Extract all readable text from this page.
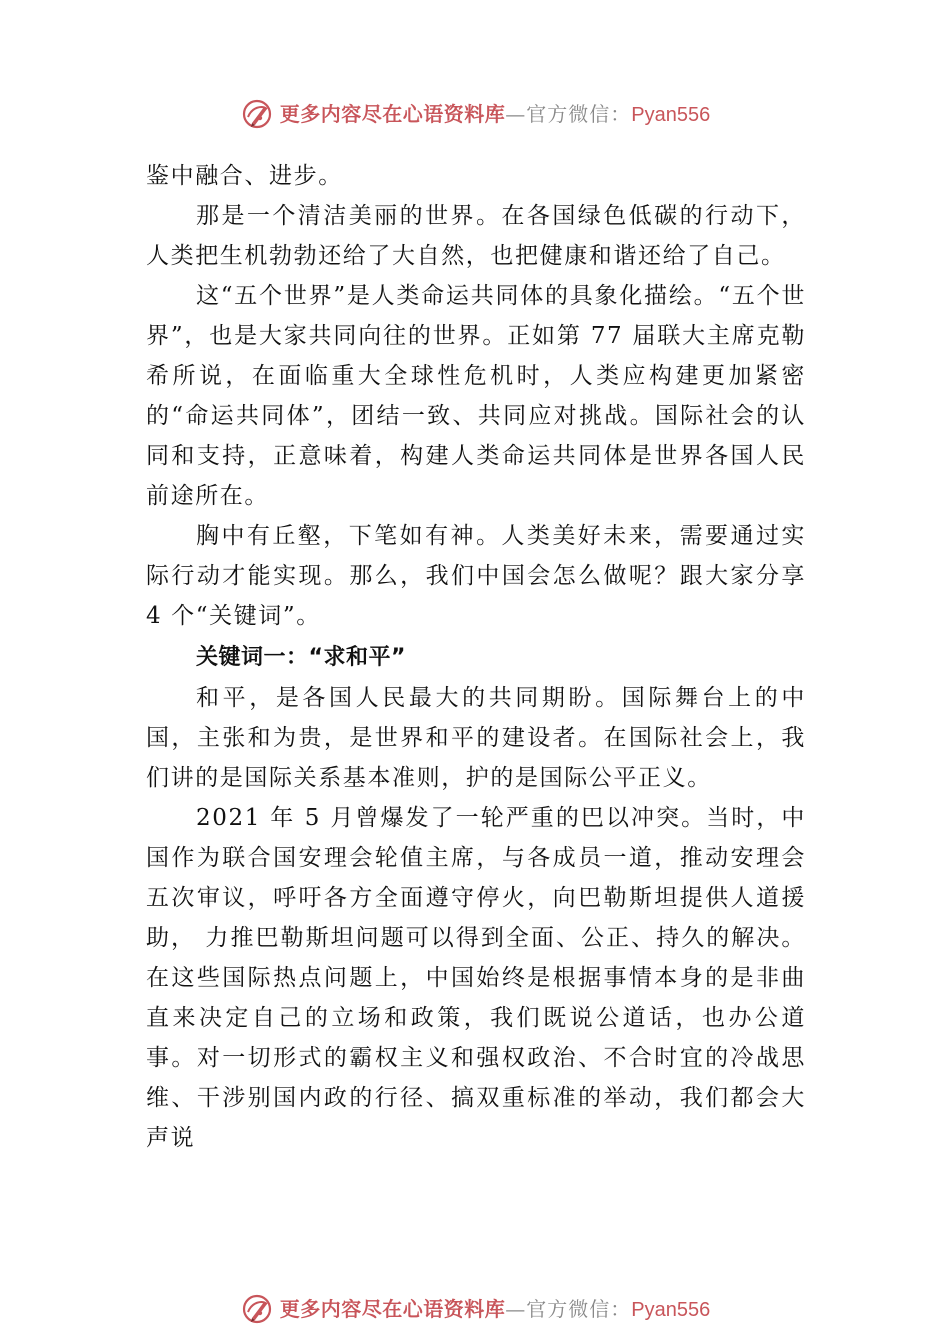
更多内容尽在心语资料库—官方微信：Pyan556

鉴中融合、进步。

那是一个清洁美丽的世界。在各国绿色低碳的行动下，人类把生机勃勃还给了大自然，也把健康和谐还给了自己。

这“五个世界”是人类命运共同体的具象化描绘。“五个世界”，也是大家共同向往的世界。正如第 77 届联大主席克勒希所说，在面临重大全球性危机时，人类应构建更加紧密的“命运共同体”，团结一致、共同应对挑战。国际社会的认同和支持，正意味着，构建人类命运共同体是世界各国人民前途所在。

胸中有丘壑，下笔如有神。人类美好未来，需要通过实际行动才能实现。那么，我们中国会怎么做呢？跟大家分享 4 个“关键词”。

关键词一：“求和平”

和平，是各国人民最大的共同期盼。国际舞台上的中国，主张和为贵，是世界和平的建设者。在国际社会上，我们讲的是国际关系基本准则，护的是国际公平正义。

2021 年 5 月曾爆发了一轮严重的巴以冲突。当时，中国作为联合国安理会轮值主席，与各成员一道，推动安理会五次审议，呼吁各方全面遵守停火，向巴勒斯坦提供人道援助， 力推巴勒斯坦问题可以得到全面、公正、持久的解决。在这些国际热点问题上，中国始终是根据事情本身的是非曲直来决定自己的立场和政策，我们既说公道话，也办公道事。对一切形式的霸权主义和强权政治、不合时宜的冷战思维、干涉别国内政的行径、搞双重标准的举动，我们都会大声说

更多内容尽在心语资料库—官方微信：Pyan556
